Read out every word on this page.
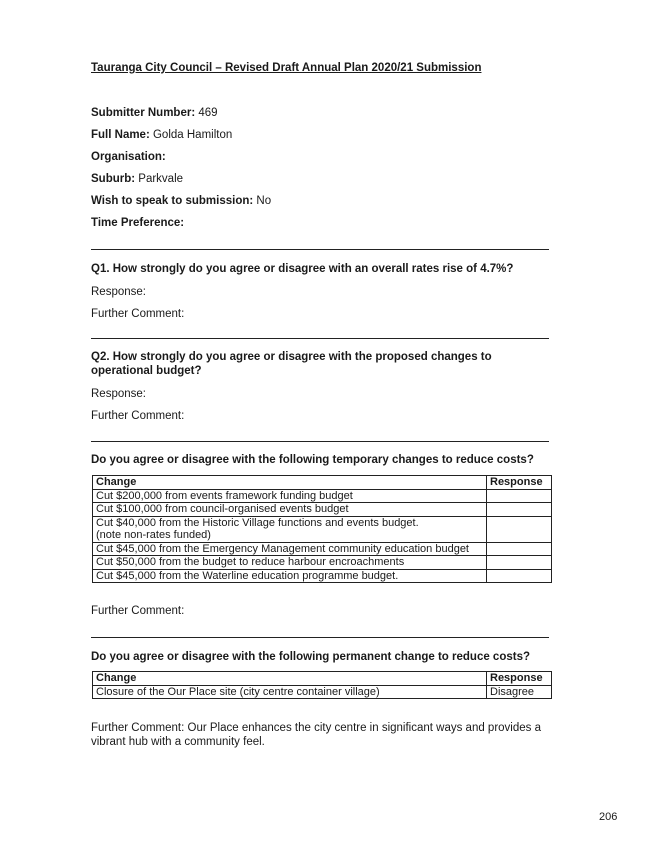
Tauranga City Council – Revised Draft Annual Plan 2020/21 Submission
Submitter Number: 469
Full Name: Golda Hamilton
Organisation:
Suburb: Parkvale
Wish to speak to submission: No
Time Preference:
Q1. How strongly do you agree or disagree with an overall rates rise of 4.7%?
Response:
Further Comment:
Q2. How strongly do you agree or disagree with the proposed changes to operational budget?
Response:
Further Comment:
Do you agree or disagree with the following temporary changes to reduce costs?
Change	Response
Cut $200,000 from events framework funding budget	
Cut $100,000 from council-organised events budget	
Cut $40,000 from the Historic Village functions and events budget.
(note non-rates funded)	
Cut $45,000 from the Emergency Management community education budget	
Cut $50,000 from the budget to reduce harbour encroachments	
Cut $45,000 from the Waterline education programme budget.	
Further Comment:
Do you agree or disagree with the following permanent change to reduce costs?
Change	Response
Closure of the Our Place site (city centre container village)	Disagree
Further Comment: Our Place enhances the city centre in significant ways and provides a vibrant hub with a community feel.
206
